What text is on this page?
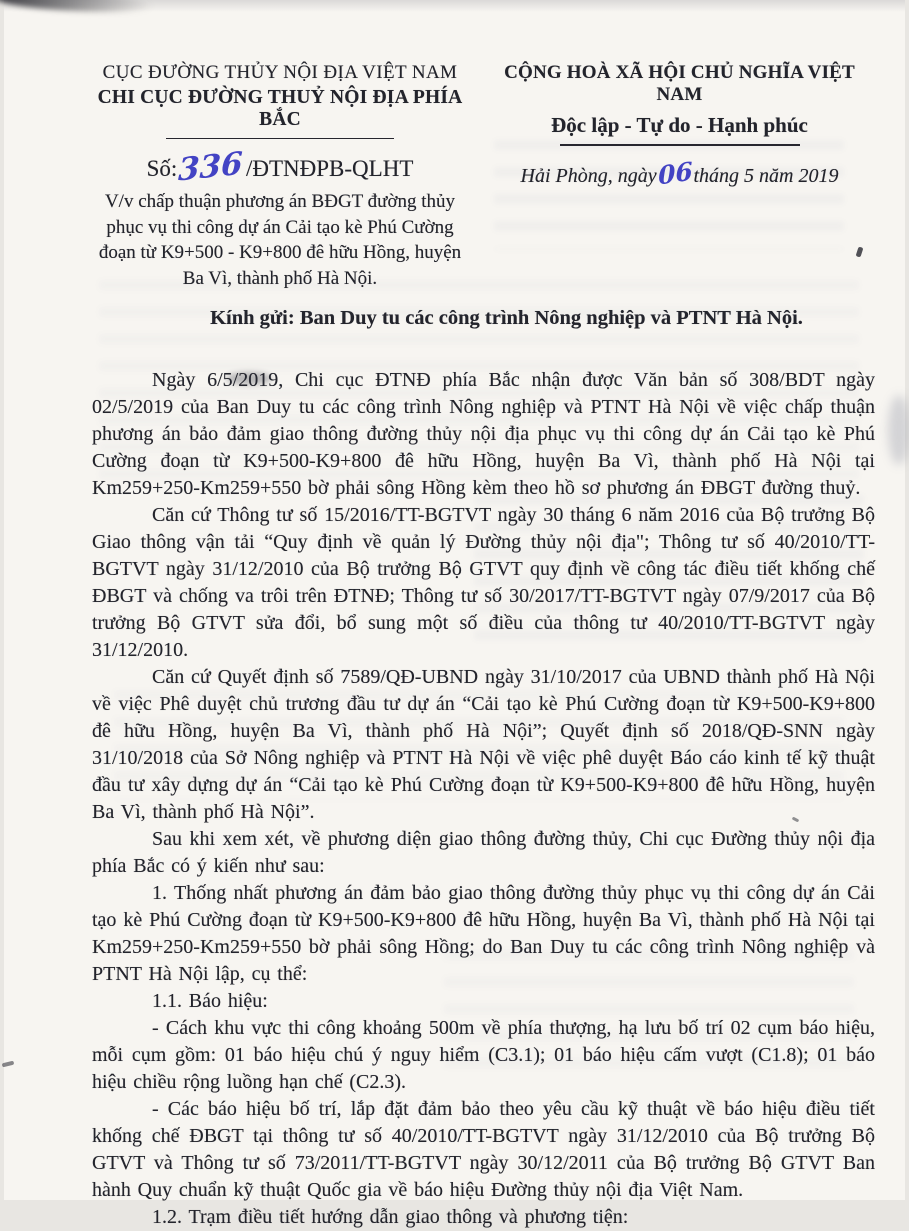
CỤC ĐƯỜNG THỦY NỘI ĐỊA VIỆT NAM
CHI CỤC ĐƯỜNG THUỶ NỘI ĐỊA PHÍA BẮC
Số:336 /ĐTNĐPB-QLHT
V/v chấp thuận phương án BĐGT đường thủy phục vụ thi công dự án Cải tạo kè Phú Cường đoạn từ K9+500 - K9+800 đê hữu Hồng, huyện Ba Vì, thành phố Hà Nội.
CỘNG HOÀ XÃ HỘI CHỦ NGHĨA VIỆT NAM
Độc lập - Tự do - Hạnh phúc
Hải Phòng, ngày06tháng 5 năm 2019
Kính gửi: Ban Duy tu các công trình Nông nghiệp và PTNT Hà Nội.

Ngày 6/5/2019, Chi cục ĐTNĐ phía Bắc nhận được Văn bản số 308/BDT ngày 02/5/2019 của Ban Duy tu các công trình Nông nghiệp và PTNT Hà Nội về việc chấp thuận phương án bảo đảm giao thông đường thủy nội địa phục vụ thi công dự án Cải tạo kè Phú Cường đoạn từ K9+500-K9+800 đê hữu Hồng, huyện Ba Vì, thành phố Hà Nội tại Km259+250-Km259+550 bờ phải sông Hồng kèm theo hồ sơ phương án ĐBGT đường thuỷ.

Căn cứ Thông tư số 15/2016/TT-BGTVT ngày 30 tháng 6 năm 2016 của Bộ trưởng Bộ Giao thông vận tải “Quy định về quản lý Đường thủy nội địa"; Thông tư số 40/2010/TT-BGTVT ngày 31/12/2010 của Bộ trưởng Bộ GTVT quy định về công tác điều tiết khống chế ĐBGT và chống va trôi trên ĐTNĐ; Thông tư số 30/2017/TT-BGTVT ngày 07/9/2017 của Bộ trưởng Bộ GTVT sửa đổi, bổ sung một số điều của thông tư 40/2010/TT-BGTVT ngày 31/12/2010.

Căn cứ Quyết định số 7589/QĐ-UBND ngày 31/10/2017 của UBND thành phố Hà Nội về việc Phê duyệt chủ trương đầu tư dự án “Cải tạo kè Phú Cường đoạn từ K9+500-K9+800 đê hữu Hồng, huyện Ba Vì, thành phố Hà Nội”; Quyết định số 2018/QĐ-SNN ngày 31/10/2018 của Sở Nông nghiệp và PTNT Hà Nội về việc phê duyệt Báo cáo kinh tế kỹ thuật đầu tư xây dựng dự án “Cải tạo kè Phú Cường đoạn từ K9+500-K9+800 đê hữu Hồng, huyện Ba Vì, thành phố Hà Nội”.

Sau khi xem xét, về phương diện giao thông đường thủy, Chi cục Đường thủy nội địa phía Bắc có ý kiến như sau:

1. Thống nhất phương án đảm bảo giao thông đường thủy phục vụ thi công dự án Cải tạo kè Phú Cường đoạn từ K9+500-K9+800 đê hữu Hồng, huyện Ba Vì, thành phố Hà Nội tại Km259+250-Km259+550 bờ phải sông Hồng; do Ban Duy tu các công trình Nông nghiệp và PTNT Hà Nội lập, cụ thể:

1.1. Báo hiệu:

- Cách khu vực thi công khoảng 500m về phía thượng, hạ lưu bố trí 02 cụm báo hiệu, mỗi cụm gồm: 01 báo hiệu chú ý nguy hiểm (C3.1); 01 báo hiệu cấm vượt (C1.8); 01 báo hiệu chiều rộng luồng hạn chế (C2.3).

- Các báo hiệu bố trí, lắp đặt đảm bảo theo yêu cầu kỹ thuật về báo hiệu điều tiết khống chế ĐBGT tại thông tư số 40/2010/TT-BGTVT ngày 31/12/2010 của Bộ trưởng Bộ GTVT và Thông tư số 73/2011/TT-BGTVT ngày 30/12/2011 của Bộ trưởng Bộ GTVT Ban hành Quy chuẩn kỹ thuật Quốc gia về báo hiệu Đường thủy nội địa Việt Nam.

1.2. Trạm điều tiết hướng dẫn giao thông và phương tiện:
